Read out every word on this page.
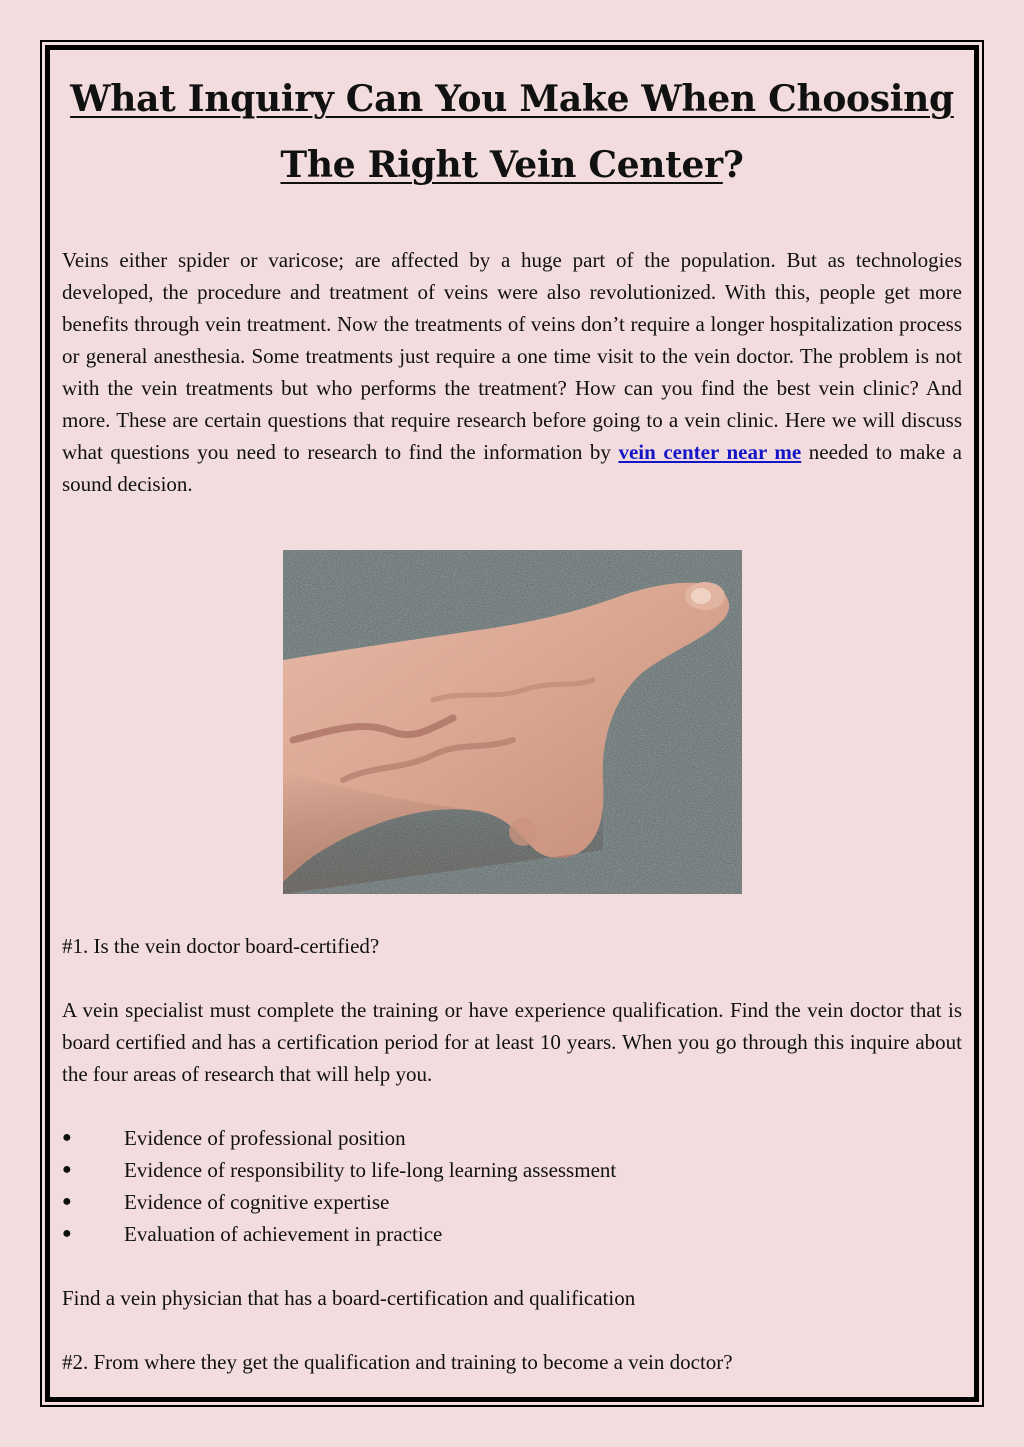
What Inquiry Can You Make When Choosing The Right Vein Center?

Veins either spider or varicose; are affected by a huge part of the population. But as technologies developed, the procedure and treatment of veins were also revolutionized. With this, people get more benefits through vein treatment. Now the treatments of veins don’t require a longer hospitalization process or general anesthesia. Some treatments just require a one time visit to the vein doctor. The problem is not with the vein treatments but who performs the treatment? How can you find the best vein clinic? And more. These are certain questions that require research before going to a vein clinic. Here we will discuss what questions you need to research to find the information by vein center near me needed to make a sound decision.

#1. Is the vein doctor board-certified?

A vein specialist must complete the training or have experience qualification. Find the vein doctor that is board certified and has a certification period for at least 10 years. When you go through this inquire about the four areas of research that will help you.

●	Evidence of professional position
●	Evidence of responsibility to life-long learning assessment
●	Evidence of cognitive expertise
●	Evaluation of achievement in practice

Find a vein physician that has a board-certification and qualification

#2. From where they get the qualification and training to become a vein doctor?
